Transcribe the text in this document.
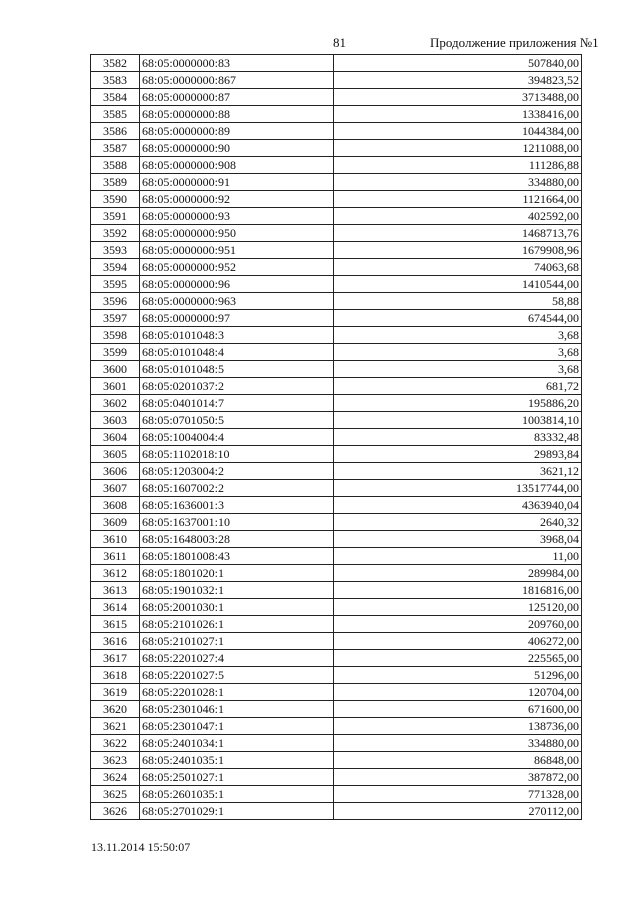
81	Продолжение приложения №1
3582	68:05:0000000:83	507840,00
3583	68:05:0000000:867	394823,52
3584	68:05:0000000:87	3713488,00
3585	68:05:0000000:88	1338416,00
3586	68:05:0000000:89	1044384,00
3587	68:05:0000000:90	1211088,00
3588	68:05:0000000:908	111286,88
3589	68:05:0000000:91	334880,00
3590	68:05:0000000:92	1121664,00
3591	68:05:0000000:93	402592,00
3592	68:05:0000000:950	1468713,76
3593	68:05:0000000:951	1679908,96
3594	68:05:0000000:952	74063,68
3595	68:05:0000000:96	1410544,00
3596	68:05:0000000:963	58,88
3597	68:05:0000000:97	674544,00
3598	68:05:0101048:3	3,68
3599	68:05:0101048:4	3,68
3600	68:05:0101048:5	3,68
3601	68:05:0201037:2	681,72
3602	68:05:0401014:7	195886,20
3603	68:05:0701050:5	1003814,10
3604	68:05:1004004:4	83332,48
3605	68:05:1102018:10	29893,84
3606	68:05:1203004:2	3621,12
3607	68:05:1607002:2	13517744,00
3608	68:05:1636001:3	4363940,04
3609	68:05:1637001:10	2640,32
3610	68:05:1648003:28	3968,04
3611	68:05:1801008:43	11,00
3612	68:05:1801020:1	289984,00
3613	68:05:1901032:1	1816816,00
3614	68:05:2001030:1	125120,00
3615	68:05:2101026:1	209760,00
3616	68:05:2101027:1	406272,00
3617	68:05:2201027:4	225565,00
3618	68:05:2201027:5	51296,00
3619	68:05:2201028:1	120704,00
3620	68:05:2301046:1	671600,00
3621	68:05:2301047:1	138736,00
3622	68:05:2401034:1	334880,00
3623	68:05:2401035:1	86848,00
3624	68:05:2501027:1	387872,00
3625	68:05:2601035:1	771328,00
3626	68:05:2701029:1	270112,00
13.11.2014 15:50:07
